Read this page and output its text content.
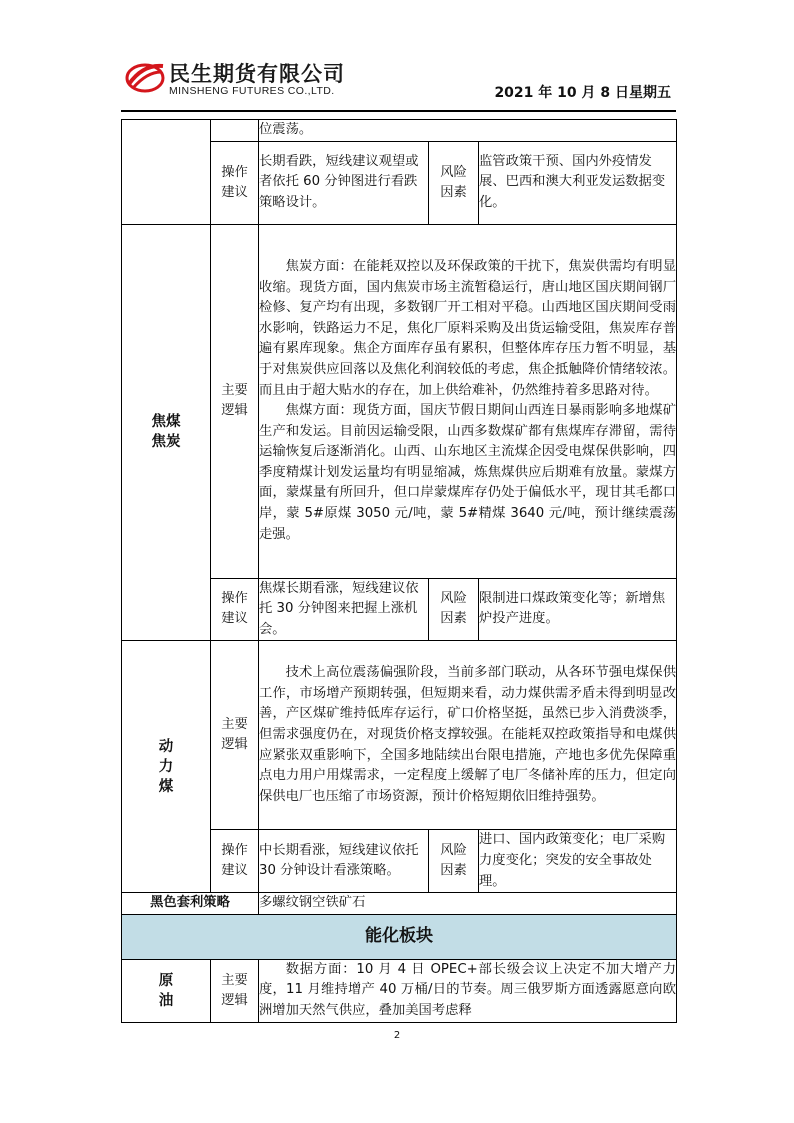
民生期货有限公司
MINSHENG FUTURES CO.,LTD.	2021 年 10 月 8 日星期五
		位震荡。		
	操作建议	长期看跌，短线建议观望或者依托 60 分钟图进行看跌策略设计。	风险因素	监管政策干预、国内外疫情发展、巴西和澳大利亚发运数据变化。
焦煤 焦炭	主要逻辑	焦炭方面：在能耗双控以及环保政策的干扰下，焦炭供需均有明显收缩。现货方面，国内焦炭市场主流暂稳运行，唐山地区国庆期间钢厂检修、复产均有出现，多数钢厂开工相对平稳。山西地区国庆期间受雨水影响，铁路运力不足，焦化厂原料采购及出货运输受阻，焦炭库存普遍有累库现象。焦企方面库存虽有累积，但整体库存压力暂不明显，基于对焦炭供应回落以及焦化利润较低的考虑，焦企抵触降价情绪较浓。而且由于超大贴水的存在，加上供给难补，仍然维持着多思路对待。

焦煤方面：现货方面，国庆节假日期间山西连日暴雨影响多地煤矿生产和发运。目前因运输受限，山西多数煤矿都有焦煤库存滞留，需待运输恢复后逐渐消化。山西、山东地区主流煤企因受电煤保供影响，四季度精煤计划发运量均有明显缩减，炼焦煤供应后期难有放量。蒙煤方面，蒙煤量有所回升，但口岸蒙煤库存仍处于偏低水平，现甘其毛都口岸，蒙 5#原煤 3050 元/吨，蒙 5#精煤 3640 元/吨，预计继续震荡走强。		

	操作建议	焦煤长期看涨，短线建议依托 30 分钟图来把握上涨机会。	风险因素	限制进口煤政策变化等；新增焦炉投产进度。
动力煤	主要逻辑	技术上高位震荡偏强阶段，当前多部门联动，从各环节强电煤保供工作，市场增产预期转强，但短期来看，动力煤供需矛盾未得到明显改善，产区煤矿维持低库存运行，矿口价格坚挺，虽然已步入消费淡季，但需求强度仍在，对现货价格支撑较强。在能耗双控政策指导和电煤供应紧张双重影响下，全国多地陆续出台限电措施，产地也多优先保障重点电力用户用煤需求，一定程度上缓解了电厂冬储补库的压力，但定向保供电厂也压缩了市场资源，预计价格短期依旧维持强势。		

	操作建议	中长期看涨，短线建议依托 30 分钟设计看涨策略。	风险因素	进口、国内政策变化；电厂采购力度变化；突发的安全事故处理。
黑色套利策略		多螺纹钢空铁矿石		
能化板块				
原油	主要逻辑	数据方面：10 月 4 日 OPEC+部长级会议上决定不加大增产力度，11 月维持增产 40 万桶/日的节奏。周三俄罗斯方面透露愿意向欧洲增加天然气供应，叠加美国考虑释		

2
